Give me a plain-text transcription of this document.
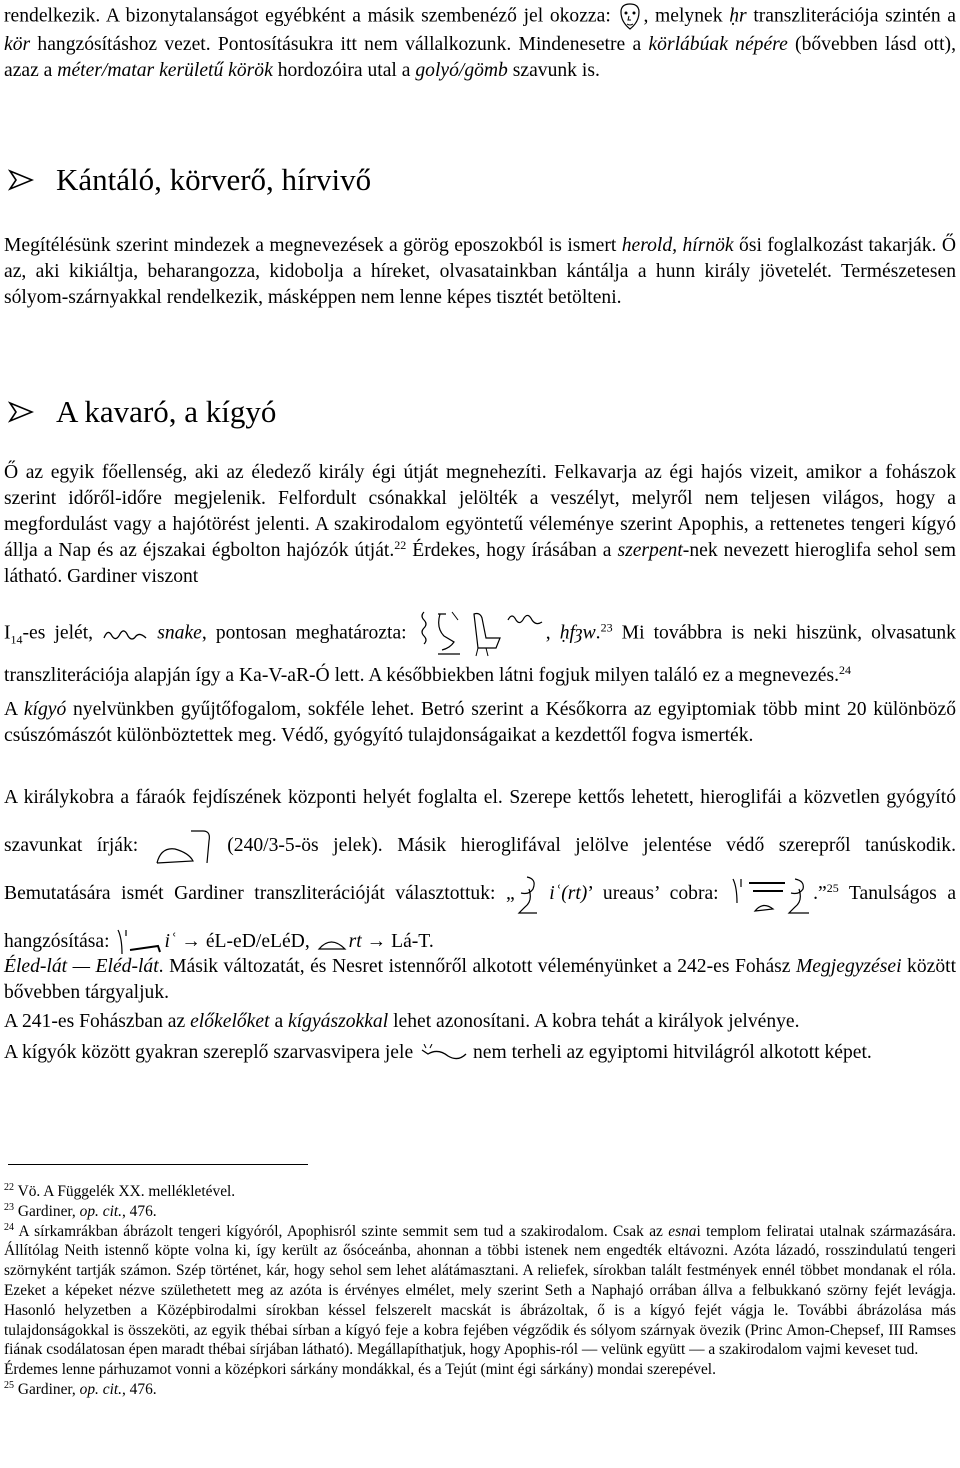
rendelkezik. A bizonytalanságot egyébként a másik szembenéző jel okozza: , melynek ḥr transzliterációja szintén a kör hangzósításhoz vezet. Pontosításukra itt nem vállalkozunk. Mindenesetre a körlábúak népére (bővebben lásd ott), azaz a méter/matar kerületű körök hordozóira utal a golyó/gömb szavunk is.

Kántáló, körverő, hírvivő

Megítélésünk szerint mindezek a megnevezések a görög eposzokból is ismert herold, hírnök ősi foglalkozást takarják. Ő az, aki kikiáltja, beharangozza, kidobolja a híreket, olvasatainkban kántálja a hunn király jövetelét. Természetesen sólyom-szárnyakkal rendelkezik, másképpen nem lenne képes tisztét betölteni.

A kavaró, a kígyó

Ő az egyik főellenség, aki az éledező király égi útját megnehezíti. Felkavarja az égi hajós vizeit, amikor a fohászok szerint időről-időre megjelenik. Felfordult csónakkal jelölték a veszélyt, melyről nem teljesen világos, hogy a megfordulást vagy a hajótörést jelenti. A szakirodalom egyöntetű véleménye szerint Apophis, a rettenetes tengeri kígyó állja a Nap és az éjszakai égbolton hajózók útját.$^{22}$ Érdekes, hogy írásában a szerpent-nek nevezett hieroglifa sehol sem látható. Gardiner viszont

$I_{14}-es$ jelét,	snake, pontosan meghatározta:	, ḥfȝw.$^{23}$ Mi továbbra is neki hiszünk, olvasatunk transzliterációja alapján így a Ka-V-aR-Ó lett. A későbbiekben látni fogjuk milyen találó ez a megnevezés.$^{24}$

A kígyó nyelvünkben gyűjtőfogalom, sokféle lehet. Betró szerint a Későkorra az egyiptomiak több mint 20 különböző csúszómászót különböztettek meg. Védő, gyógyító tulajdonságaikat a kezdettől fogva ismerték.

A királykobra a fáraók fejdíszének központi helyét foglalta el. Szerepe kettős lehetett, hieroglifái a közvetlen gyógyító szavunkat írják:	(240/3-5-ös jelek). Másik hieroglifával jelölve jelentése védő szerepről tanúskodik. Bemutatására ismét Gardiner transzliterációját választottuk: „ iʿ(rt)’ ureaus’ cobra:	.”$^{25}$ Tanulságos a hangzósítása:	iʿ → éL-eD/eLéD, rt → Lá-T.

Éled-lát — Eléd-lát. Másik változatát, és Nesret istennőről alkotott véleményünket a 242-es Fohász Megjegyzései között bővebben tárgyaljuk.

A 241-es Fohászban az előkelőket a kígyászokkal lehet azonosítani. A kobra tehát a királyok jelvénye.

A kígyók között gyakran szereplő szarvasvipera jele	nem terheli az egyiptomi hitvilágról alkotott képet.

$^{22}$ Vö. A Függelék XX. mellékletével.

$^{23}$ Gardiner, op. cit., 476.

$^{24}$ A sírkamrákban ábrázolt tengeri kígyóról, Apophisról szinte semmit sem tud a szakirodalom. Csak az esnai templom feliratai utalnak származására. Állítólag Neith istennő köpte volna ki, így került az ősóceánba, ahonnan a többi istenek nem engedték eltávozni. Azóta lázadó, rosszindulatú tengeri szörnyként tartják számon. Szép történet, kár, hogy sehol sem lehet alátámasztani. A reliefek, sírokban talált festmények ennél többet mondanak el róla. Ezeket a képeket nézve születhetett meg az azóta is érvényes elmélet, mely szerint Seth a Naphajó orrában állva a felbukkanó szörny fejét levágja. Hasonló helyzetben a Középbirodalmi sírokban késsel felszerelt macskát is ábrázoltak, ő is a kígyó fejét vágja le. További ábrázolása más tulajdonságokkal is összeköti, az egyik thébai sírban a kígyó feje a kobra fejében végződik és sólyom szárnyak övezik (Princ Amon-Chepsef, III Ramses fiának csodálatosan épen maradt thébai sírjában látható). Megállapíthatjuk, hogy Apophis-ról — velünk együtt — a szakirodalom vajmi keveset tud.

Érdemes lenne párhuzamot vonni a középkori sárkány mondákkal, és a Tejút (mint égi sárkány) mondai szerepével.

$^{25}$ Gardiner, op. cit., 476.
